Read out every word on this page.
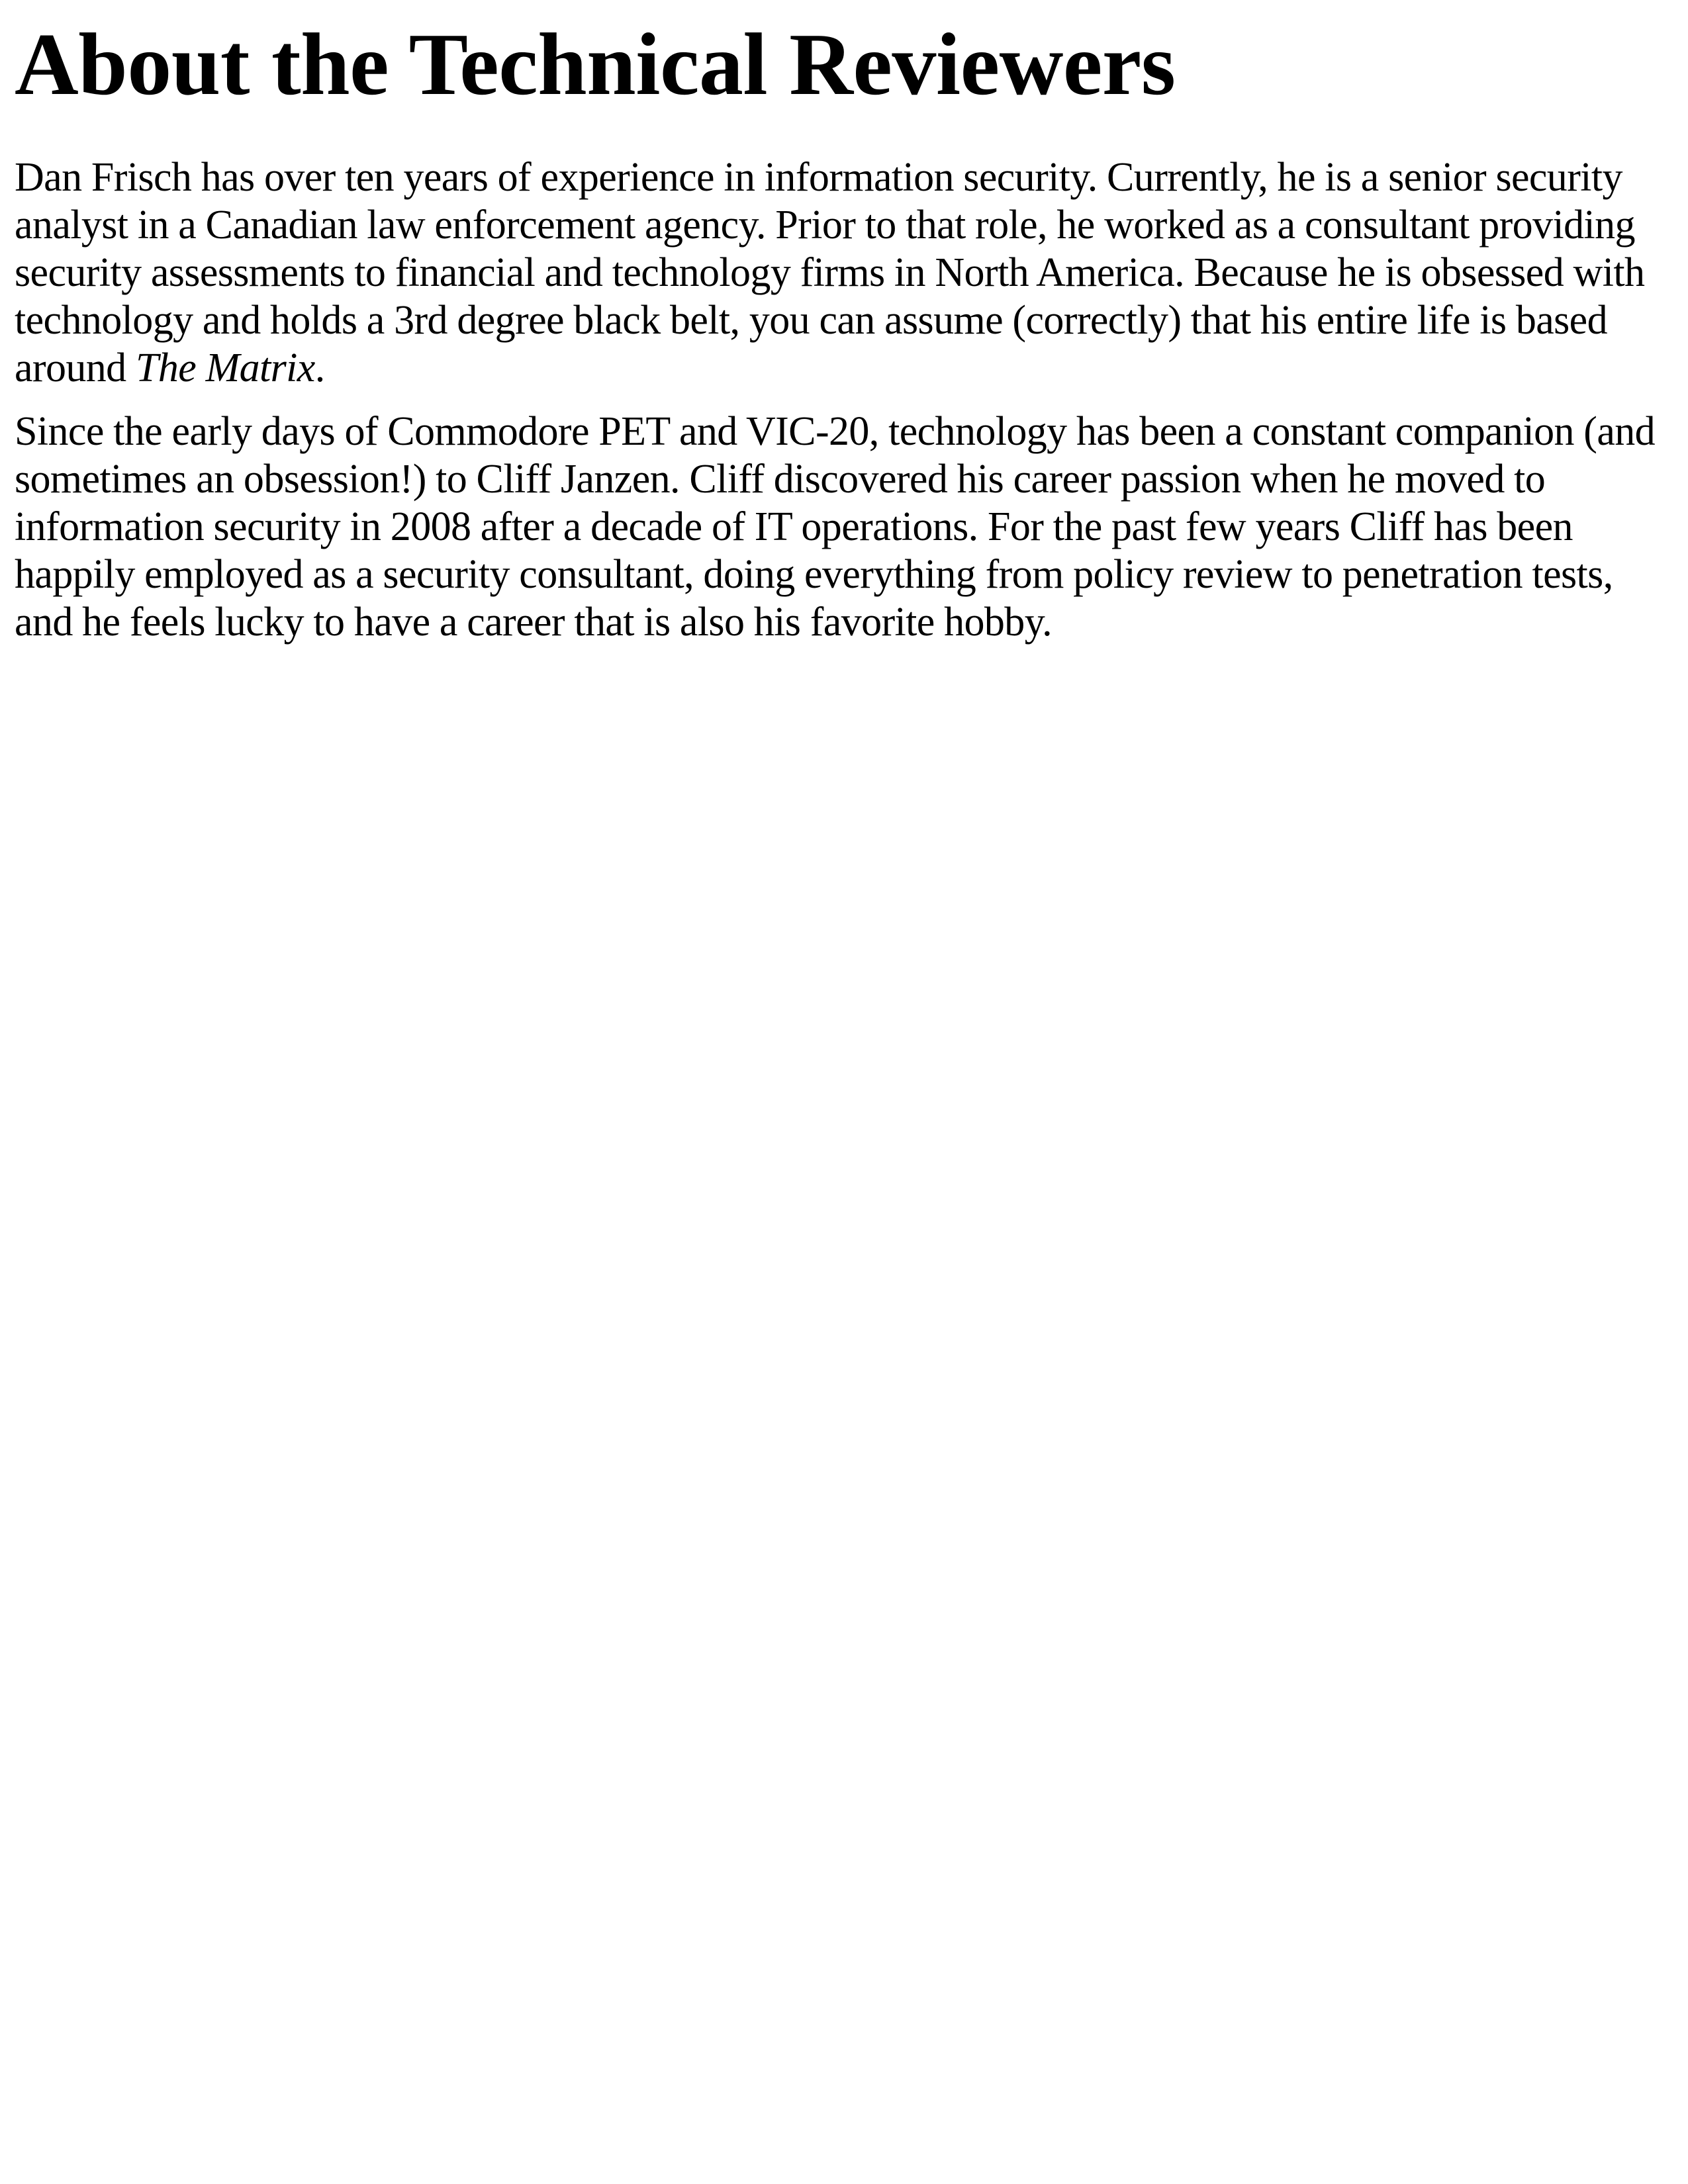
About the Technical Reviewers

Dan Frisch has over ten years of experience in information security. Currently, he is a senior security analyst in a Canadian law enforcement agency. Prior to that role, he worked as a consultant providing security assessments to financial and technology firms in North America. Because he is obsessed with technology and holds a 3rd degree black belt, you can assume (correctly) that his entire life is based around The Matrix.

Since the early days of Commodore PET and VIC-20, technology has been a constant companion (and sometimes an obsession!) to Cliff Janzen. Cliff discovered his career passion when he moved to information security in 2008 after a decade of IT operations. For the past few years Cliff has been happily employed as a security consultant, doing everything from policy review to penetration tests, and he feels lucky to have a career that is also his favorite hobby.
